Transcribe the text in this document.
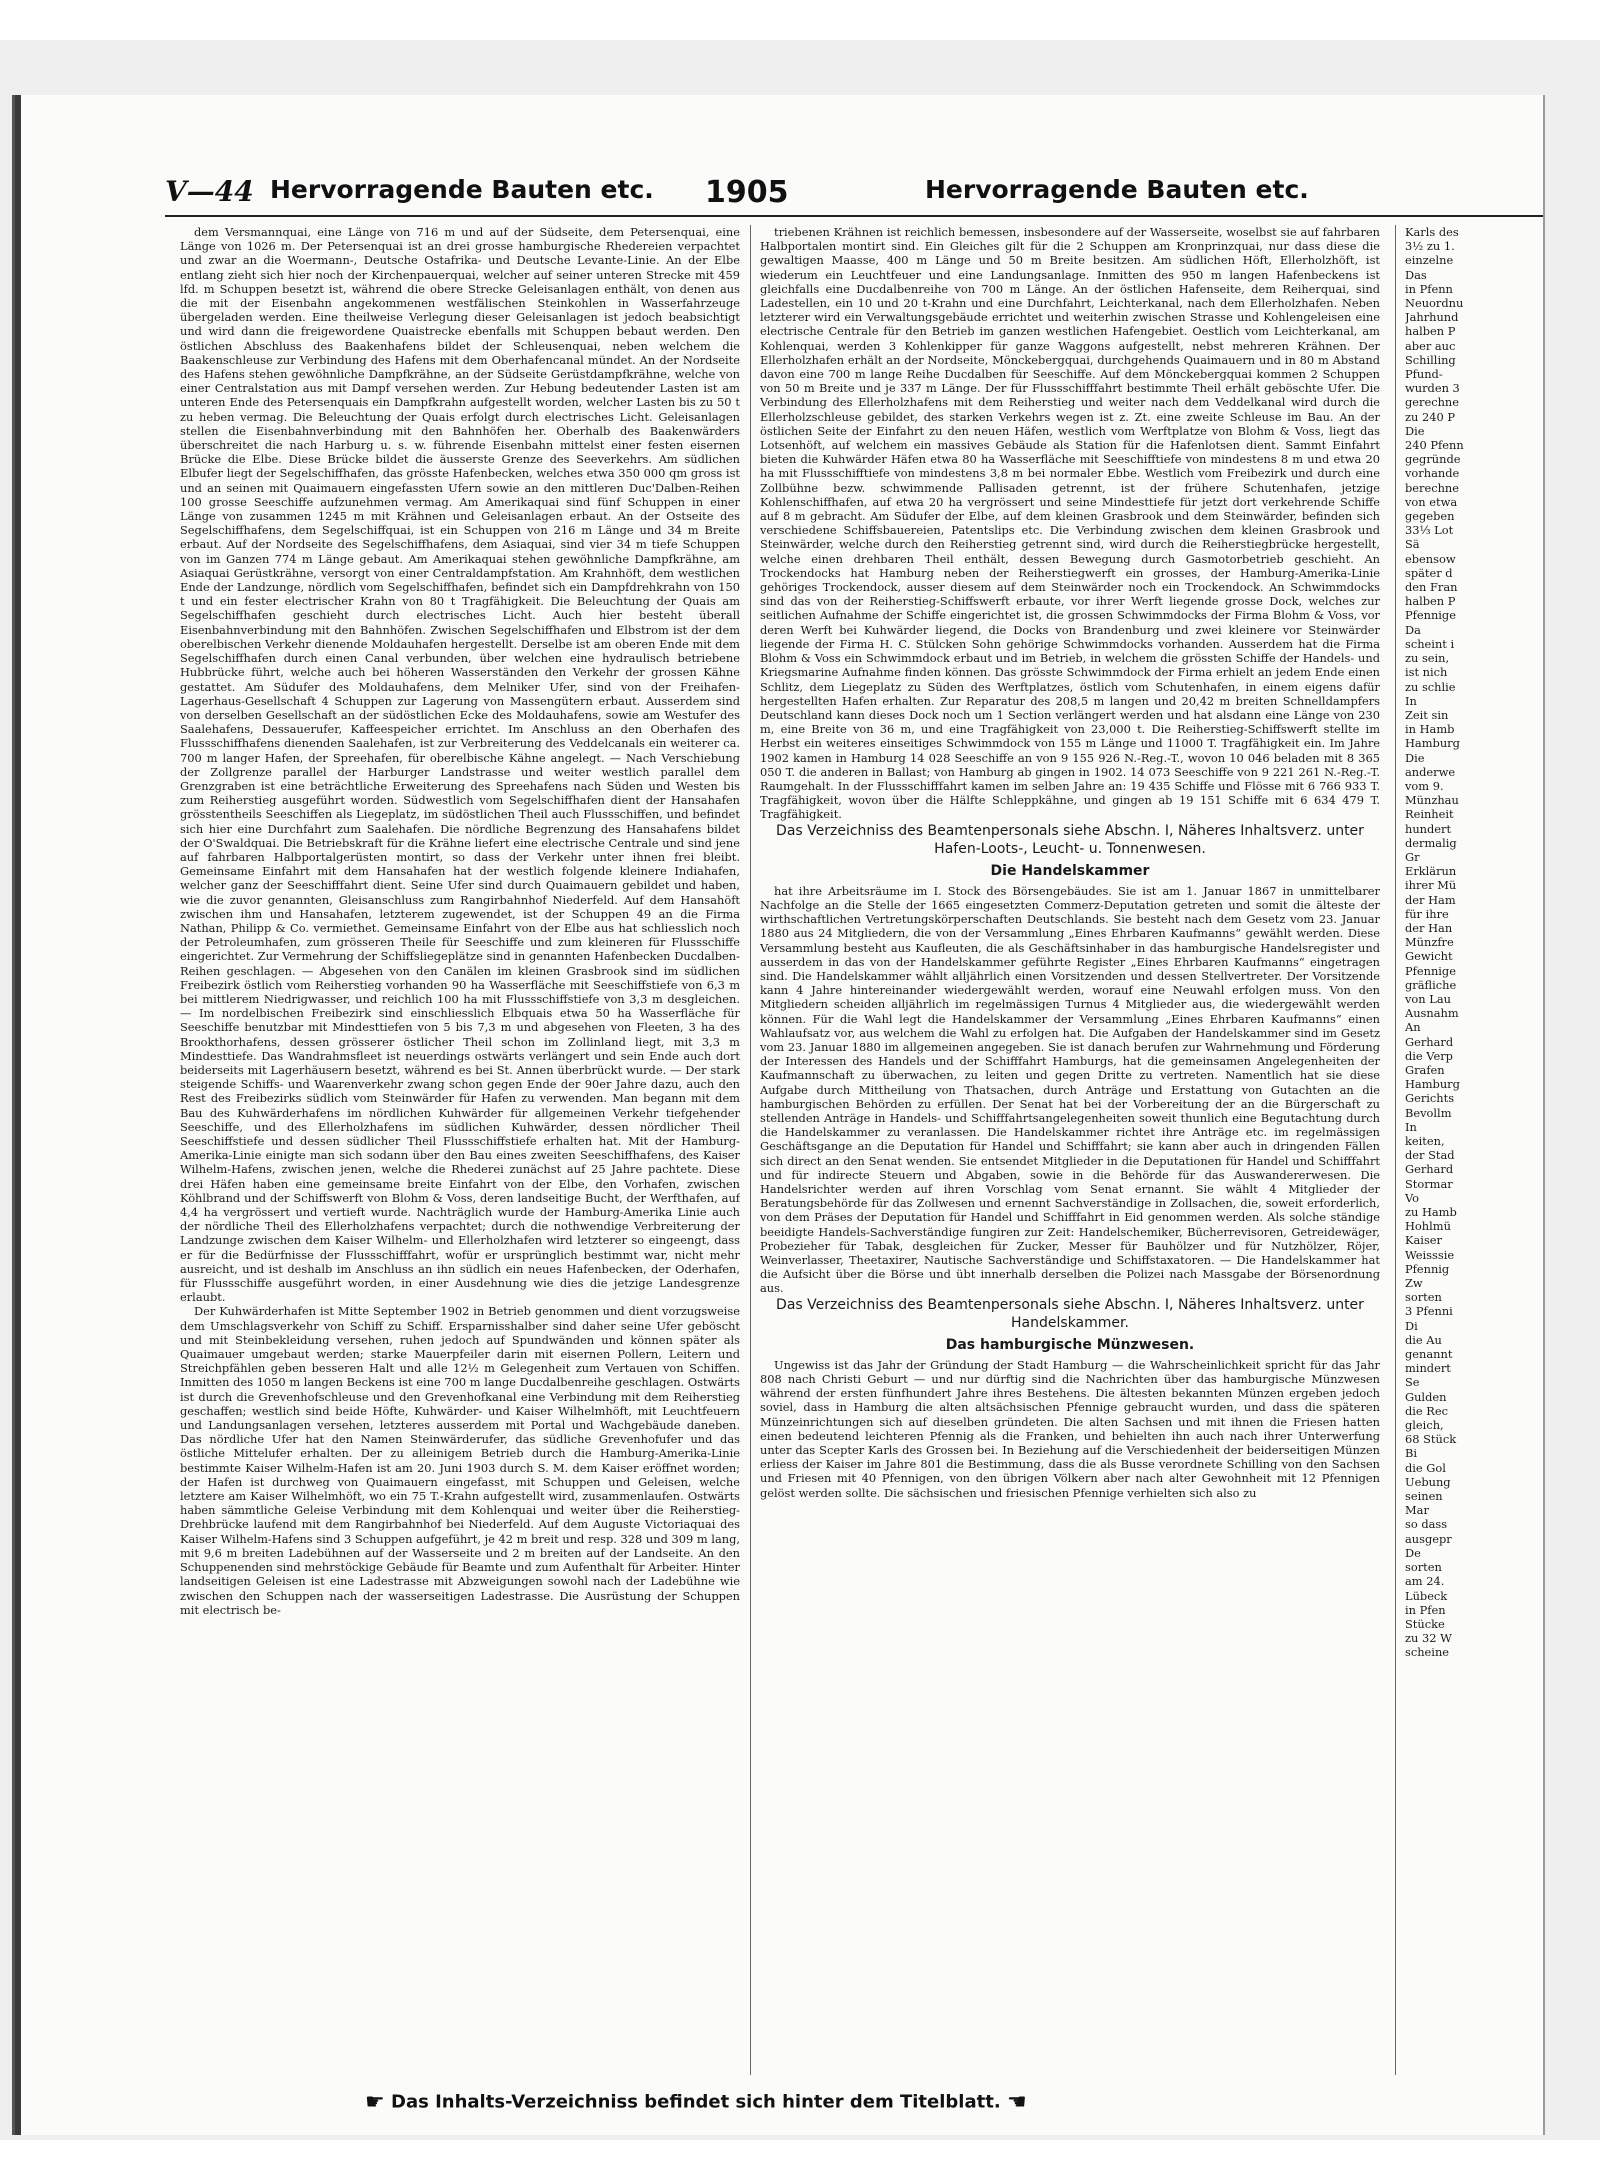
V—44 Hervorragende Bauten etc. 1905	Hervorragende Bauten etc.

dem Versmannquai, eine Länge von 716 m und auf der Südseite, dem Petersenquai, eine Länge von 1026 m. Der Petersenquai ist an drei grosse hamburgische Rhedereien verpachtet und zwar an die Woermann-, Deutsche Ostafrika- und Deutsche Levante-Linie. An der Elbe entlang zieht sich hier noch der Kirchenpauerquai, welcher auf seiner unteren Strecke mit 459 lfd. m Schuppen besetzt ist, während die obere Strecke Geleisanlagen enthält, von denen aus die mit der Eisenbahn angekommenen westfälischen Steinkohlen in Wasserfahrzeuge übergeladen werden. Eine theilweise Verlegung dieser Geleisanlagen ist jedoch beabsichtigt und wird dann die freigewordene Quaistrecke ebenfalls mit Schuppen bebaut werden. Den östlichen Abschluss des Baakenhafens bildet der Schleusenquai, neben welchem die Baakenschleuse zur Verbindung des Hafens mit dem Oberhafencanal mündet. An der Nordseite des Hafens stehen gewöhnliche Dampfkrähne, an der Südseite Gerüstdampfkrähne, welche von einer Centralstation aus mit Dampf versehen werden. Zur Hebung bedeutender Lasten ist am unteren Ende des Petersenquais ein Dampfkrahn aufgestellt worden, welcher Lasten bis zu 50 t zu heben vermag. Die Beleuchtung der Quais erfolgt durch electrisches Licht. Geleisanlagen stellen die Eisenbahnverbindung mit den Bahnhöfen her. Oberhalb des Baakenwärders überschreitet die nach Harburg u. s. w. führende Eisenbahn mittelst einer festen eisernen Brücke die Elbe. Diese Brücke bildet die äusserste Grenze des Seeverkehrs. Am südlichen Elbufer liegt der Segelschiffhafen, das grösste Hafenbecken, welches etwa 350 000 qm gross ist und an seinen mit Quaimauern eingefassten Ufern sowie an den mittleren Duc'Dalben-Reihen 100 grosse Seeschiffe aufzunehmen vermag. Am Amerikaquai sind fünf Schuppen in einer Länge von zusammen 1245 m mit Krähnen und Geleisanlagen erbaut. An der Ostseite des Segelschiffhafens, dem Segelschiffquai, ist ein Schuppen von 216 m Länge und 34 m Breite erbaut. Auf der Nordseite des Segelschiffhafens, dem Asiaquai, sind vier 34 m tiefe Schuppen von im Ganzen 774 m Länge gebaut. Am Amerikaquai stehen gewöhnliche Dampfkrähne, am Asiaquai Gerüstkrähne, versorgt von einer Centraldampfstation. Am Krahnhöft, dem westlichen Ende der Landzunge, nördlich vom Segelschiffhafen, befindet sich ein Dampfdrehkrahn von 150 t und ein fester electrischer Krahn von 80 t Tragfähigkeit. Die Beleuchtung der Quais am Segelschiffhafen geschieht durch electrisches Licht. Auch hier besteht überall Eisenbahnverbindung mit den Bahnhöfen. Zwischen Segelschiffhafen und Elbstrom ist der dem oberelbischen Verkehr dienende Moldauhafen hergestellt. Derselbe ist am oberen Ende mit dem Segelschiffhafen durch einen Canal verbunden, über welchen eine hydraulisch betriebene Hubbrücke führt, welche auch bei höheren Wasserständen den Verkehr der grossen Kähne gestattet. Am Südufer des Moldauhafens, dem Melniker Ufer, sind von der Freihafen-Lagerhaus-Gesellschaft 4 Schuppen zur Lagerung von Massengütern erbaut. Ausserdem sind von derselben Gesellschaft an der südöstlichen Ecke des Moldauhafens, sowie am Westufer des Saalehafens, Dessauerufer, Kaffeespeicher errichtet. Im Anschluss an den Oberhafen des Flussschiffhafens dienenden Saalehafen, ist zur Verbreiterung des Veddelcanals ein weiterer ca. 700 m langer Hafen, der Spreehafen, für oberelbische Kähne angelegt. — Nach Verschiebung der Zollgrenze parallel der Harburger Landstrasse und weiter westlich parallel dem Grenzgraben ist eine beträchtliche Erweiterung des Spreehafens nach Süden und Westen bis zum Reiherstieg ausgeführt worden. Südwestlich vom Segelschiffhafen dient der Hansahafen grösstentheils Seeschiffen als Liegeplatz, im südöstlichen Theil auch Flussschiffen, und befindet sich hier eine Durchfahrt zum Saalehafen. Die nördliche Begrenzung des Hansahafens bildet der O'Swaldquai. Die Betriebskraft für die Krähne liefert eine electrische Centrale und sind jene auf fahrbaren Halbportalgerüsten montirt, so dass der Verkehr unter ihnen frei bleibt. Gemeinsame Einfahrt mit dem Hansahafen hat der westlich folgende kleinere Indiahafen, welcher ganz der Seeschifffahrt dient. Seine Ufer sind durch Quaimauern gebildet und haben, wie die zuvor genannten, Gleisanschluss zum Rangirbahnhof Niederfeld. Auf dem Hansahöft zwischen ihm und Hansahafen, letzterem zugewendet, ist der Schuppen 49 an die Firma Nathan, Philipp & Co. vermiethet. Gemeinsame Einfahrt von der Elbe aus hat schliesslich noch der Petroleumhafen, zum grösseren Theile für Seeschiffe und zum kleineren für Flussschiffe eingerichtet. Zur Vermehrung der Schiffsliegeplätze sind in genannten Hafenbecken Ducdalben-Reihen geschlagen. — Abgesehen von den Canälen im kleinen Grasbrook sind im südlichen Freibezirk östlich vom Reiherstieg vorhanden 90 ha Wasserfläche mit Seeschiffstiefe von 6,3 m bei mittlerem Niedrigwasser, und reichlich 100 ha mit Flussschiffstiefe von 3,3 m desgleichen. — Im nordelbischen Freibezirk sind einschliesslich Elbquais etwa 50 ha Wasserfläche für Seeschiffe benutzbar mit Mindesttiefen von 5 bis 7,3 m und abgesehen von Fleeten, 3 ha des Brookthorhafens, dessen grösserer östlicher Theil schon im Zollinland liegt, mit 3,3 m Mindesttiefe. Das Wandrahmsfleet ist neuerdings ostwärts verlängert und sein Ende auch dort beiderseits mit Lagerhäusern besetzt, während es bei St. Annen überbrückt wurde. — Der stark steigende Schiffs- und Waarenverkehr zwang schon gegen Ende der 90er Jahre dazu, auch den Rest des Freibezirks südlich vom Steinwärder für Hafen zu verwenden. Man begann mit dem Bau des Kuhwärderhafens im nördlichen Kuhwärder für allgemeinen Verkehr tiefgehender Seeschiffe, und des Ellerholzhafens im südlichen Kuhwärder, dessen nördlicher Theil Seeschiffstiefe und dessen südlicher Theil Flussschiffstiefe erhalten hat. Mit der Hamburg-Amerika-Linie einigte man sich sodann über den Bau eines zweiten Seeschiffhafens, des Kaiser Wilhelm-Hafens, zwischen jenen, welche die Rhederei zunächst auf 25 Jahre pachtete. Diese drei Häfen haben eine gemeinsame breite Einfahrt von der Elbe, den Vorhafen, zwischen Köhlbrand und der Schiffswerft von Blohm & Voss, deren landseitige Bucht, der Werfthafen, auf 4,4 ha vergrössert und vertieft wurde. Nachträglich wurde der Hamburg-Amerika Linie auch der nördliche Theil des Ellerholzhafens verpachtet; durch die nothwendige Verbreiterung der Landzunge zwischen dem Kaiser Wilhelm- und Ellerholzhafen wird letzterer so eingeengt, dass er für die Bedürfnisse der Flussschifffahrt, wofür er ursprünglich bestimmt war, nicht mehr ausreicht, und ist deshalb im Anschluss an ihn südlich ein neues Hafenbecken, der Oderhafen, für Flussschiffe ausgeführt worden, in einer Ausdehnung wie dies die jetzige Landesgrenze erlaubt.

Der Kuhwärderhafen ist Mitte September 1902 in Betrieb genommen und dient vorzugsweise dem Umschlagsverkehr von Schiff zu Schiff. Ersparnisshalber sind daher seine Ufer geböscht und mit Steinbekleidung versehen, ruhen jedoch auf Spundwänden und können später als Quaimauer umgebaut werden; starke Mauerpfeiler darin mit eisernen Pollern, Leitern und Streichpfählen geben besseren Halt und alle 12½ m Gelegenheit zum Vertauen von Schiffen. Inmitten des 1050 m langen Beckens ist eine 700 m lange Ducdalbenreihe geschlagen. Ostwärts ist durch die Grevenhofschleuse und den Grevenhofkanal eine Verbindung mit dem Reiherstieg geschaffen; westlich sind beide Höfte, Kuhwärder- und Kaiser Wilhelmhöft, mit Leuchtfeuern und Landungsanlagen versehen, letzteres ausserdem mit Portal und Wachgebäude daneben. Das nördliche Ufer hat den Namen Steinwärderufer, das südliche Grevenhofufer und das östliche Mittelufer erhalten. Der zu alleinigem Betrieb durch die Hamburg-Amerika-Linie bestimmte Kaiser Wilhelm-Hafen ist am 20. Juni 1903 durch S. M. dem Kaiser eröffnet worden; der Hafen ist durchweg von Quaimauern eingefasst, mit Schuppen und Geleisen, welche letztere am Kaiser Wilhelmhöft, wo ein 75 T.-Krahn aufgestellt wird, zusammenlaufen. Ostwärts haben sämmtliche Geleise Verbindung mit dem Kohlenquai und weiter über die Reiherstieg-Drehbrücke laufend mit dem Rangirbahnhof bei Niederfeld. Auf dem Auguste Victoriaquai des Kaiser Wilhelm-Hafens sind 3 Schuppen aufgeführt, je 42 m breit und resp. 328 und 309 m lang, mit 9,6 m breiten Ladebühnen auf der Wasserseite und 2 m breiten auf der Landseite. An den Schuppenenden sind mehrstöckige Gebäude für Beamte und zum Aufenthalt für Arbeiter. Hinter landseitigen Geleisen ist eine Ladestrasse mit Abzweigungen sowohl nach der Ladebühne wie zwischen den Schuppen nach der wasserseitigen Ladestrasse. Die Ausrüstung der Schuppen mit electrisch be-

triebenen Krähnen ist reichlich bemessen, insbesondere auf der Wasserseite, woselbst sie auf fahrbaren Halbportalen montirt sind. Ein Gleiches gilt für die 2 Schuppen am Kronprinzquai, nur dass diese die gewaltigen Maasse, 400 m Länge und 50 m Breite besitzen. Am südlichen Höft, Ellerholzhöft, ist wiederum ein Leuchtfeuer und eine Landungsanlage. Inmitten des 950 m langen Hafenbeckens ist gleichfalls eine Ducdalbenreihe von 700 m Länge. An der östlichen Hafenseite, dem Reiherquai, sind Ladestellen, ein 10 und 20 t-Krahn und eine Durchfahrt, Leichterkanal, nach dem Ellerholzhafen. Neben letzterer wird ein Verwaltungsgebäude errichtet und weiterhin zwischen Strasse und Kohlengeleisen eine electrische Centrale für den Betrieb im ganzen westlichen Hafengebiet. Oestlich vom Leichterkanal, am Kohlenquai, werden 3 Kohlenkipper für ganze Waggons aufgestellt, nebst mehreren Krähnen. Der Ellerholzhafen erhält an der Nordseite, Mönckebergquai, durchgehends Quaimauern und in 80 m Abstand davon eine 700 m lange Reihe Ducdalben für Seeschiffe. Auf dem Mönckebergquai kommen 2 Schuppen von 50 m Breite und je 337 m Länge. Der für Flussschifffahrt bestimmte Theil erhält geböschte Ufer. Die Verbindung des Ellerholzhafens mit dem Reiherstieg und weiter nach dem Veddelkanal wird durch die Ellerholzschleuse gebildet, des starken Verkehrs wegen ist z. Zt. eine zweite Schleuse im Bau. An der östlichen Seite der Einfahrt zu den neuen Häfen, westlich vom Werftplatze von Blohm & Voss, liegt das Lotsenhöft, auf welchem ein massives Gebäude als Station für die Hafenlotsen dient. Sammt Einfahrt bieten die Kuhwärder Häfen etwa 80 ha Wasserfläche mit Seeschifftiefe von mindestens 8 m und etwa 20 ha mit Flussschifftiefe von mindestens 3,8 m bei normaler Ebbe. Westlich vom Freibezirk und durch eine Zollbühne bezw. schwimmende Pallisaden getrennt, ist der frühere Schutenhafen, jetzige Kohlenschiffhafen, auf etwa 20 ha vergrössert und seine Mindesttiefe für jetzt dort verkehrende Schiffe auf 8 m gebracht. Am Südufer der Elbe, auf dem kleinen Grasbrook und dem Steinwärder, befinden sich verschiedene Schiffsbauereien, Patentslips etc. Die Verbindung zwischen dem kleinen Grasbrook und Steinwärder, welche durch den Reiherstieg getrennt sind, wird durch die Reiherstiegbrücke hergestellt, welche einen drehbaren Theil enthält, dessen Bewegung durch Gasmotorbetrieb geschieht. An Trockendocks hat Hamburg neben der Reiherstiegwerft ein grosses, der Hamburg-Amerika-Linie gehöriges Trockendock, ausser diesem auf dem Steinwärder noch ein Trockendock. An Schwimmdocks sind das von der Reiherstieg-Schiffswerft erbaute, vor ihrer Werft liegende grosse Dock, welches zur seitlichen Aufnahme der Schiffe eingerichtet ist, die grossen Schwimmdocks der Firma Blohm & Voss, vor deren Werft bei Kuhwärder liegend, die Docks von Brandenburg und zwei kleinere vor Steinwärder liegende der Firma H. C. Stülcken Sohn gehörige Schwimmdocks vorhanden. Ausserdem hat die Firma Blohm & Voss ein Schwimmdock erbaut und im Betrieb, in welchem die grössten Schiffe der Handels- und Kriegsmarine Aufnahme finden können. Das grösste Schwimmdock der Firma erhielt an jedem Ende einen Schlitz, dem Liegeplatz zu Süden des Werftplatzes, östlich vom Schutenhafen, in einem eigens dafür hergestellten Hafen erhalten. Zur Reparatur des 208,5 m langen und 20,42 m breiten Schnelldampfers Deutschland kann dieses Dock noch um 1 Section verlängert werden und hat alsdann eine Länge von 230 m, eine Breite von 36 m, und eine Tragfähigkeit von 23,000 t. Die Reiherstieg-Schiffswerft stellte im Herbst ein weiteres einseitiges Schwimmdock von 155 m Länge und 11000 T. Tragfähigkeit ein. Im Jahre 1902 kamen in Hamburg 14 028 Seeschiffe an von 9 155 926 N.-Reg.-T., wovon 10 046 beladen mit 8 365 050 T. die anderen in Ballast; von Hamburg ab gingen in 1902. 14 073 Seeschiffe von 9 221 261 N.-Reg.-T. Raumgehalt. In der Flussschifffahrt kamen im selben Jahre an: 19 435 Schiffe und Flösse mit 6 766 933 T. Tragfähigkeit, wovon über die Hälfte Schleppkähne, und gingen ab 19 151 Schiffe mit 6 634 479 T. Tragfähigkeit.

Das Verzeichniss des Beamtenpersonals siehe Abschn. I, Näheres Inhaltsverz. unter Hafen-Loots-, Leucht- u. Tonnenwesen.

Die Handelskammer

hat ihre Arbeitsräume im I. Stock des Börsengebäudes. Sie ist am 1. Januar 1867 in unmittelbarer Nachfolge an die Stelle der 1665 eingesetzten Commerz-Deputation getreten und somit die älteste der wirthschaftlichen Vertretungskörperschaften Deutschlands. Sie besteht nach dem Gesetz vom 23. Januar 1880 aus 24 Mitgliedern, die von der Versammlung „Eines Ehrbaren Kaufmanns“ gewählt werden. Diese Versammlung besteht aus Kaufleuten, die als Geschäftsinhaber in das hamburgische Handelsregister und ausserdem in das von der Handelskammer geführte Register „Eines Ehrbaren Kaufmanns“ eingetragen sind. Die Handelskammer wählt alljährlich einen Vorsitzenden und dessen Stellvertreter. Der Vorsitzende kann 4 Jahre hintereinander wiedergewählt werden, worauf eine Neuwahl erfolgen muss. Von den Mitgliedern scheiden alljährlich im regelmässigen Turnus 4 Mitglieder aus, die wiedergewählt werden können. Für die Wahl legt die Handelskammer der Versammlung „Eines Ehrbaren Kaufmanns“ einen Wahlaufsatz vor, aus welchem die Wahl zu erfolgen hat. Die Aufgaben der Handelskammer sind im Gesetz vom 23. Januar 1880 im allgemeinen angegeben. Sie ist danach berufen zur Wahrnehmung und Förderung der Interessen des Handels und der Schifffahrt Hamburgs, hat die gemeinsamen Angelegenheiten der Kaufmannschaft zu überwachen, zu leiten und gegen Dritte zu vertreten. Namentlich hat sie diese Aufgabe durch Mittheilung von Thatsachen, durch Anträge und Erstattung von Gutachten an die hamburgischen Behörden zu erfüllen. Der Senat hat bei der Vorbereitung der an die Bürgerschaft zu stellenden Anträge in Handels- und Schifffahrtsangelegenheiten soweit thunlich eine Begutachtung durch die Handelskammer zu veranlassen. Die Handelskammer richtet ihre Anträge etc. im regelmässigen Geschäftsgange an die Deputation für Handel und Schifffahrt; sie kann aber auch in dringenden Fällen sich direct an den Senat wenden. Sie entsendet Mitglieder in die Deputationen für Handel und Schifffahrt und für indirecte Steuern und Abgaben, sowie in die Behörde für das Auswandererwesen. Die Handelsrichter werden auf ihren Vorschlag vom Senat ernannt. Sie wählt 4 Mitglieder der Beratungsbehörde für das Zollwesen und ernennt Sachverständige in Zollsachen, die, soweit erforderlich, von dem Präses der Deputation für Handel und Schifffahrt in Eid genommen werden. Als solche ständige beeidigte Handels-Sachverständige fungiren zur Zeit: Handelschemiker, Bücherrevisoren, Getreidewäger, Probezieher für Tabak, desgleichen für Zucker, Messer für Bauhölzer und für Nutzhölzer, Röjer, Weinverlasser, Theetaxirer, Nautische Sachverständige und Schiffstaxatoren. — Die Handelskammer hat die Aufsicht über die Börse und übt innerhalb derselben die Polizei nach Massgabe der Börsenordnung aus.

Das Verzeichniss des Beamtenpersonals siehe Abschn. I, Näheres Inhaltsverz. unter Handelskammer.

Das hamburgische Münzwesen.

Ungewiss ist das Jahr der Gründung der Stadt Hamburg — die Wahrscheinlichkeit spricht für das Jahr 808 nach Christi Geburt — und nur dürftig sind die Nachrichten über das hamburgische Münzwesen während der ersten fünfhundert Jahre ihres Bestehens. Die ältesten bekannten Münzen ergeben jedoch soviel, dass in Hamburg die alten altsächsischen Pfennige gebraucht wurden, und dass die späteren Münzeinrichtungen sich auf dieselben gründeten. Die alten Sachsen und mit ihnen die Friesen hatten einen bedeutend leichteren Pfennig als die Franken, und behielten ihn auch nach ihrer Unterwerfung unter das Scepter Karls des Grossen bei. In Beziehung auf die Verschiedenheit der beiderseitigen Münzen erliess der Kaiser im Jahre 801 die Bestimmung, dass die als Busse verordnete Schilling von den Sachsen und Friesen mit 40 Pfennigen, von den übrigen Völkern aber nach alter Gewohnheit mit 12 Pfennigen gelöst werden sollte. Die sächsischen und friesischen Pfennige verhielten sich also zu

Karls des

3½ zu 1.

einzelne

Das

in Pfenn

Neuordnu

Jahrhund

halben P

aber auc

Schilling

Pfund-

wurden 3

gerechne

zu 240 P

Die

240 Pfenn

gegründe

vorhande

berechne

von etwa

gegeben

33⅓ Lot

Sä

ebensow

später d

den Fran

halben P

Pfennige

Da

scheint i

zu sein,

ist nich

zu schlie

In

Zeit sin

in Hamb

Hamburg

Die

anderwe

vom 9.

Münzhau

Reinheit

hundert

dermalig

Gr

Erklärun

ihrer Mü

der Ham

für ihre

der Han

Münzfre

Gewicht

Pfennige

gräfliche

von Lau

Ausnahm

An

Gerhard

die Verp

Grafen

Hamburg

Gerichts

Bevollm

In

keiten,

der Stad

Gerhard

Stormar

Vo

zu Hamb

Hohlmü

Kaiser

Weisssie

Pfennig

Zw

sorten

3 Pfenni

Di

die Au

genannt

mindert

Se

Gulden

die Rec

gleich,

68 Stück

Bi

die Gol

Uebung

seinen

Mar

so dass

ausgepr

De

sorten

am 24.

Lübeck

in Pfen

Stücke

zu 32 W

scheine

☛ Das Inhalts-Verzeichniss befindet sich hinter dem Titelblatt. ☚
